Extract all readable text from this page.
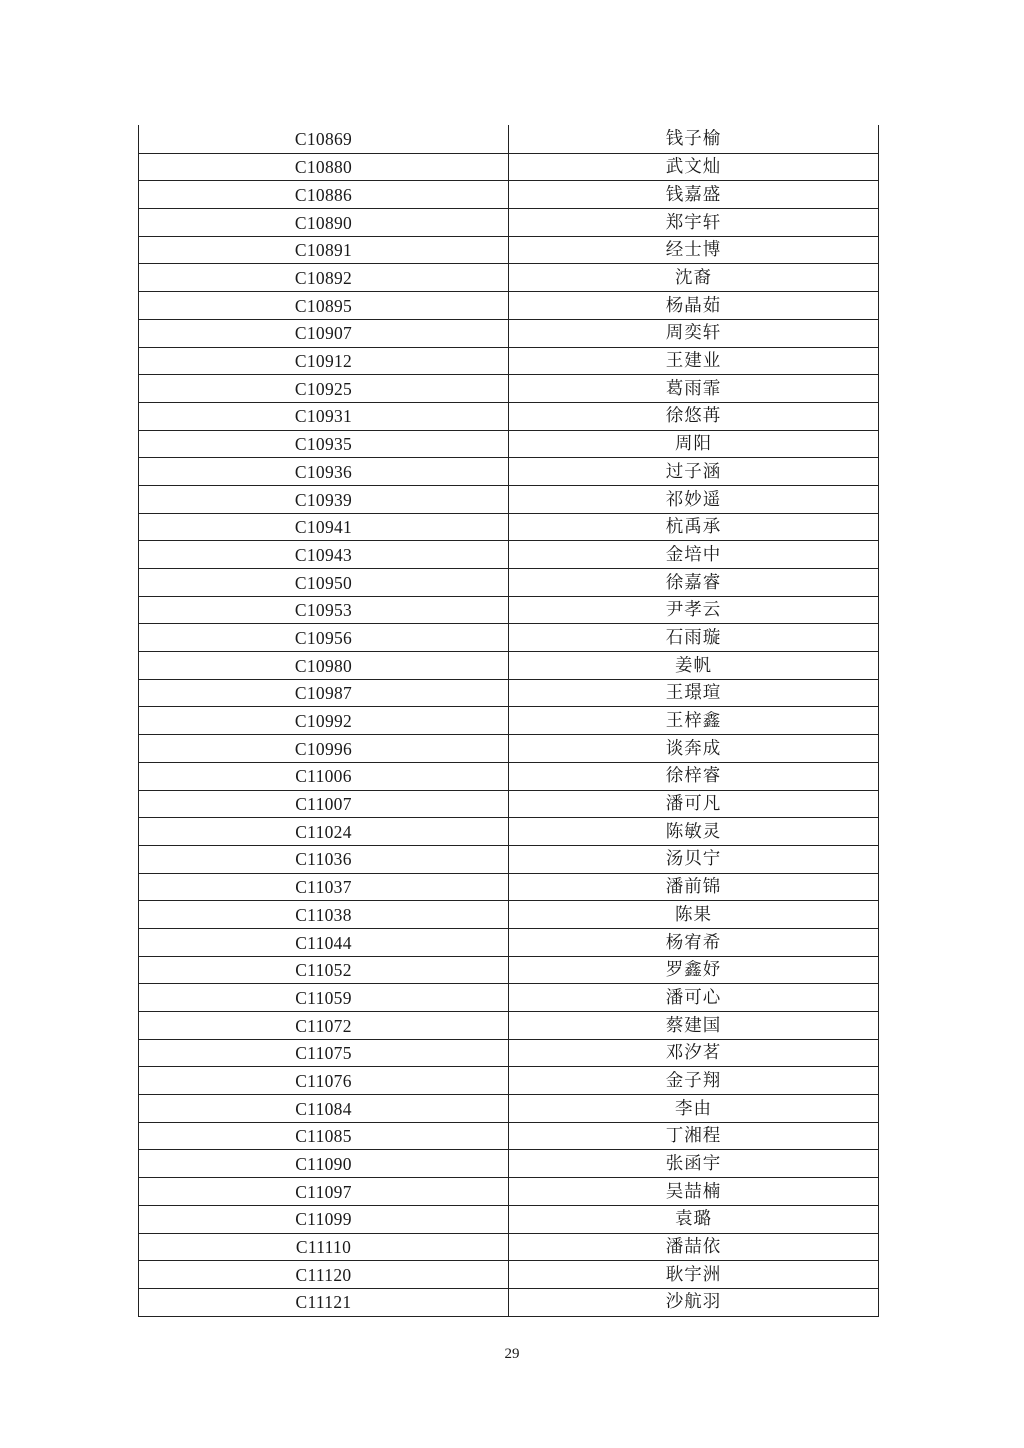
C10869	钱子榆
C10880	武文灿
C10886	钱嘉盛
C10890	郑宇轩
C10891	经士博
C10892	沈裔
C10895	杨晶茹
C10907	周奕轩
C10912	王建业
C10925	葛雨霏
C10931	徐悠苒
C10935	周阳
C10936	过子涵
C10939	祁妙遥
C10941	杭禹承
C10943	金培中
C10950	徐嘉睿
C10953	尹孝云
C10956	石雨璇
C10980	姜帆
C10987	王璟瑄
C10992	王梓鑫
C10996	谈奔成
C11006	徐梓睿
C11007	潘可凡
C11024	陈敏灵
C11036	汤贝宁
C11037	潘前锦
C11038	陈果
C11044	杨宥希
C11052	罗鑫妤
C11059	潘可心
C11072	蔡建国
C11075	邓汐茗
C11076	金子翔
C11084	李由
C11085	丁湘程
C11090	张函宇
C11097	吴喆楠
C11099	袁璐
C11110	潘喆依
C11120	耿宇洲
C11121	沙航羽
29
